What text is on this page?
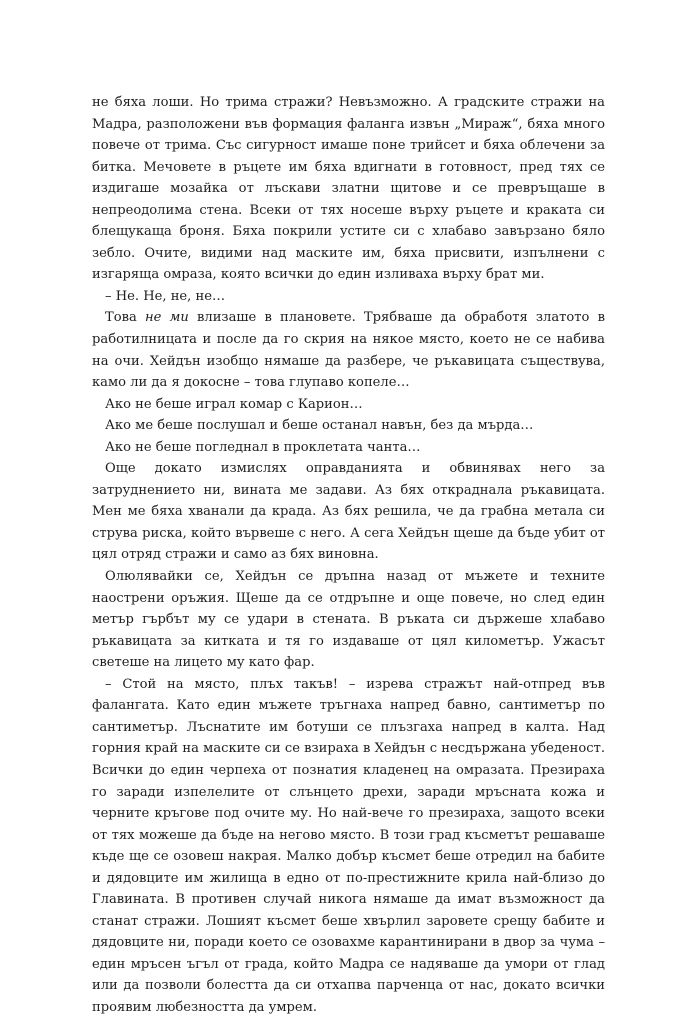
не бяха лоши. Но трима стражи? Невъзможно. А градските стражи на Мадра, разположени във формация фаланга извън „Мираж“, бяха много повече от трима. Със сигурност имаше поне трийсет и бяха облечени за битка. Мечовете в ръцете им бяха вдигнати в готовност, пред тях се издигаше мозайка от лъскави златни щитове и се превръщаше в непреодолима стена. Всеки от тях носеше върху ръцете и краката си блещукаща броня. Бяха покрили устите си с хлабаво завързано бяло зебло. Очите, видими над маските им, бяха присвити, изпълнени с изгаряща омраза, която всички до един изливаха върху брат ми.

– Не. Не, не, не…

Това не ми влизаше в плановете. Трябваше да обработя златото в работилницата и после да го скрия на някое място, което не се набива на очи. Хейдън изобщо нямаше да разбере, че ръкавицата съществува, камо ли да я докосне – това глупаво копеле…

Ако не беше играл комар с Карион…

Ако ме беше послушал и беше останал навън, без да мърда…

Ако не беше погледнал в проклетата чанта…

Още докато измислях оправданията и обвинявах него за затруднението ни, вината ме задави. Аз бях откраднала ръкавицата. Мен ме бяха хванали да крада. Аз бях решила, че да грабна метала си струва риска, който вървеше с него. А сега Хейдън щеше да бъде убит от цял отряд стражи и само аз бях виновна.

Олюлявайки се, Хейдън се дръпна назад от мъжете и техните наострени оръжия. Щеше да се отдръпне и още повече, но след един метър гърбът му се удари в стената. В ръката си държеше хлабаво ръкавицата за китката и тя го издаваше от цял километър. Ужасът светеше на лицето му като фар.

– Стой на място, плъх такъв! – изрева стражът най-отпред във фалангата. Като един мъжете тръгнаха напред бавно, сантиметър по сантиметър. Лъснатите им ботуши се плъзгаха напред в калта. Над горния край на маските си се взираха в Хейдън с несдържана убеденост. Всички до един черпеха от познатия кладенец на омразата. Презираха го заради изпелелите от слънцето дрехи, заради мръсната кожа и черните кръгове под очите му. Но най-вече го презираха, защото всеки от тях можеше да бъде на негово място. В този град късметът решаваше къде ще се озовеш накрая. Малко добър късмет беше отредил на бабите и дядовците им жилища в едно от по-престижните крила най-близо до Главината. В противен случай никога нямаше да имат възможност да станат стражи. Лошият късмет беше хвърлил заровете срещу бабите и дядовците ни, поради което се озовахме карантинирани в двор за чума – един мръсен ъгъл от града, който Мадра се надяваше да умори от глад или да позволи болестта да си отхапва парченца от нас, докато всички проявим любезността да умрем.
